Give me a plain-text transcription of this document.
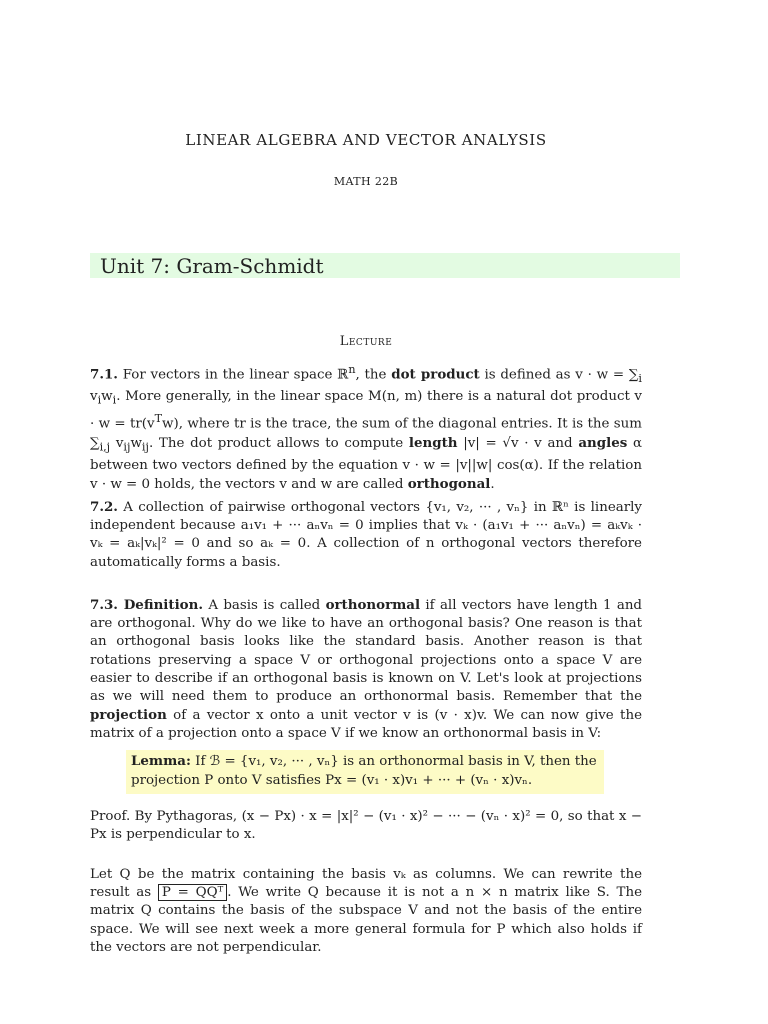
LINEAR ALGEBRA AND VECTOR ANALYSIS
MATH 22B
Unit 7: Gram-Schmidt
Lecture
7.1. For vectors in the linear space ℝ$^n$, the dot product is defined as $v \cdot w = \sum_i$ $v_iw_i$. More generally, in the linear space M(n, m) there is a natural dot product $v \cdot w = tr(v^Tw)$, where tr is the trace, the sum of the diagonal entries. It is the sum $\sum_{i,j}$ $v_{ij}w_{ij}$. The dot product allows to compute length |v| = √v · v and angles α between two vectors defined by the equation v · w = |v||w| cos(α). If the relation v · w = 0 holds, the vectors v and w are called orthogonal.
7.2. A collection of pairwise orthogonal vectors {v₁, v₂, ··· , vₙ} in ℝⁿ is linearly independent because a₁v₁ + ··· aₙvₙ = 0 implies that vₖ · (a₁v₁ + ··· aₙvₙ) = aₖvₖ · vₖ = aₖ|vₖ|² = 0 and so aₖ = 0. A collection of n orthogonal vectors therefore automatically forms a basis.
7.3. Definition. A basis is called orthonormal if all vectors have length 1 and are orthogonal. Why do we like to have an orthogonal basis? One reason is that an orthogonal basis looks like the standard basis. Another reason is that rotations preserving a space V or orthogonal projections onto a space V are easier to describe if an orthogonal basis is known on V. Let's look at projections as we will need them to produce an orthonormal basis. Remember that the projection of a vector x onto a unit vector v is (v · x)v. We can now give the matrix of a projection onto a space V if we know an orthonormal basis in V:
Lemma: If ℬ = {v₁, v₂, ··· , vₙ} is an orthonormal basis in V, then the projection P onto V satisfies Px = (v₁ · x)v₁ + ··· + (vₙ · x)vₙ.
Proof. By Pythagoras, (x − Px) · x = |x|² − (v₁ · x)² − ··· − (vₙ · x)² = 0, so that x − Px is perpendicular to x.
Let Q be the matrix containing the basis vₖ as columns. We can rewrite the result as P = QQᵀ . We write Q because it is not a n × n matrix like S. The matrix Q contains the basis of the subspace V and not the basis of the entire space. We will see next week a more general formula for P which also holds if the vectors are not perpendicular.
